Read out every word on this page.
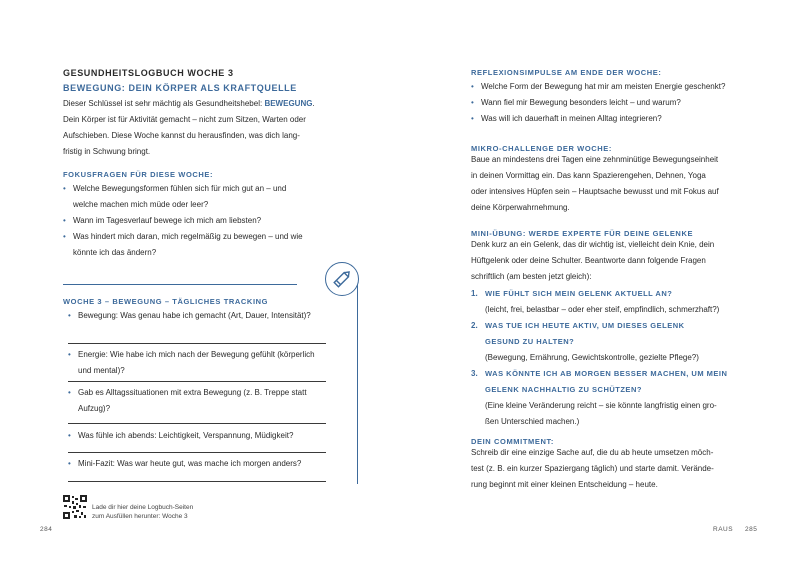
GESUNDHEITSLOGBUCH WOCHE 3
BEWEGUNG: DEIN KÖRPER ALS KRAFTQUELLE
Dieser Schlüssel ist sehr mächtig als Gesundheitshebel: BEWEGUNG.
Dein Körper ist für Aktivität gemacht – nicht zum Sitzen, Warten oder
Aufschieben. Diese Woche kannst du herausfinden, was dich lang-
fristig in Schwung bringt.
FOKUSFRAGEN FÜR DIESE WOCHE:
• Welche Bewegungsformen fühlen sich für mich gut an – und welche machen mich müde oder leer?
• Wann im Tagesverlauf bewege ich mich am liebsten?
• Was hindert mich daran, mich regelmäßig zu bewegen – und wie könnte ich das ändern?
WOCHE 3 – BEWEGUNG – TÄGLICHES TRACKING
• Bewegung: Was genau habe ich gemacht (Art, Dauer, Intensität)?
• Energie: Wie habe ich mich nach der Bewegung gefühlt (körperlich und mental)?
• Gab es Alltagssituationen mit extra Bewegung (z. B. Treppe statt Aufzug)?
• Was fühle ich abends: Leichtigkeit, Verspannung, Müdigkeit?
• Mini-Fazit: Was war heute gut, was mache ich morgen anders?
Lade dir hier deine Logbuch-Seiten
zum Ausfüllen herunter: Woche 3
284
REFLEXIONSIMPULSE AM ENDE DER WOCHE:
• Welche Form der Bewegung hat mir am meisten Energie geschenkt?
• Wann fiel mir Bewegung besonders leicht – und warum?
• Was will ich dauerhaft in meinen Alltag integrieren?
MIKRO-CHALLENGE DER WOCHE:
Baue an mindestens drei Tagen eine zehnminütige Bewegungseinheit
in deinen Vormittag ein. Das kann Spazierengehen, Dehnen, Yoga
oder intensives Hüpfen sein – Hauptsache bewusst und mit Fokus auf
deine Körperwahrnehmung.
MINI-ÜBUNG: WERDE EXPERTE FÜR DEINE GELENKE
Denk kurz an ein Gelenk, das dir wichtig ist, vielleicht dein Knie, dein
Hüftgelenk oder deine Schulter. Beantworte dann folgende Fragen
schriftlich (am besten jetzt gleich):
1. WIE FÜHLT SICH MEIN GELENK AKTUELL AN?
(leicht, frei, belastbar – oder eher steif, empfindlich, schmerzhaft?)
2. WAS TUE ICH HEUTE AKTIV, UM DIESES GELENK GESUND ZU HALTEN?
(Bewegung, Ernährung, Gewichtskontrolle, gezielte Pflege?)
3. WAS KÖNNTE ICH AB MORGEN BESSER MACHEN, UM MEIN GELENK NACHHALTIG ZU SCHÜTZEN?
(Eine kleine Veränderung reicht – sie könnte langfristig einen gro-
ßen Unterschied machen.)
DEIN COMMITMENT:
Schreib dir eine einzige Sache auf, die du ab heute umsetzen möch-
test (z. B. ein kurzer Spaziergang täglich) und starte damit. Verände-
rung beginnt mit einer kleinen Entscheidung – heute.
RAUS 285
